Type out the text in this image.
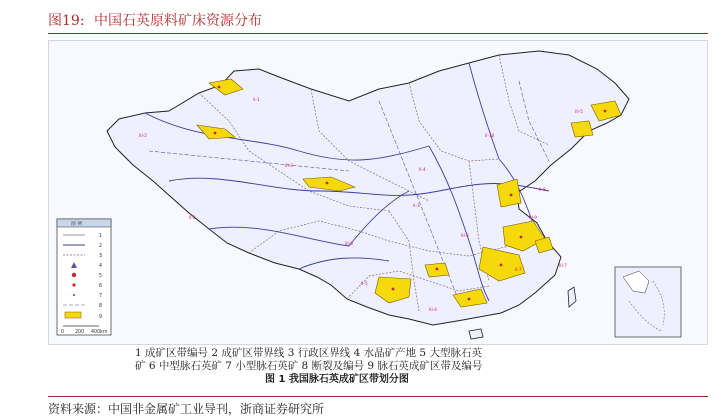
图19: 中国石英原料矿床资源分布
II-1
III-2
III-3
II-4
III-5
II-8
II-3
III-8
II-2
III-6
III-9
II-7
II-5
II-10
III-4
III-7
图 例
1
2
3
4
5
6
7
8
9
0 200 400km
1 成矿区带编号 2 成矿区带界线 3 行政区界线 4 水晶矿产地 5 大型脉石英
矿 6 中型脉石英矿 7 小型脉石英矿 8 断裂及编号 9 脉石英成矿区带及编号
图 1 我国脉石英成矿区带划分图
资料来源：中国非金属矿工业导刊，浙商证券研究所
